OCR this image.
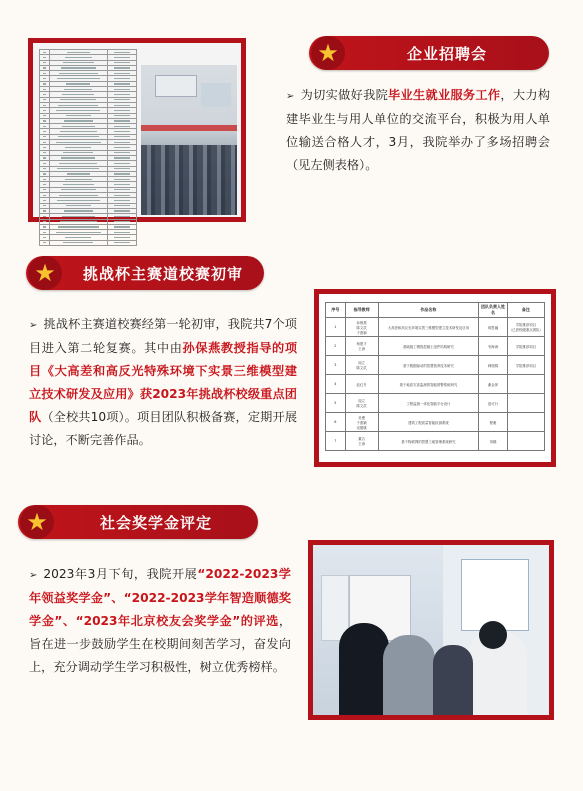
★	企业招聘会
➢ 为切实做好我院毕业生就业服务工作，大力构建毕业生与用人单位的交流平台，积极为用人单位输送合格人才，3月，我院举办了多场招聘会（见左侧表格）。
★	挑战杯主赛道校赛初审
➢ 挑战杯主赛道校赛经第一轮初审，我院共7个项目进入第二轮复赛。其中由孙保燕教授指导的项目《大高差和高反光特殊环境下实景三维模型建立技术研发及应用》获2023年挑战杯校级重点团队（全校共10项）。项目团队积极备赛，定期开展讨论，不断完善作品。
序号	指导教师	作品名称	团队负责人姓名	备注
1	孙保燕
陈文武
于燕颖	大高差和高反光环境实景三维模型建立技术研发及应用	蒋思瀚	学院推荐项目
（已获校级重点团队）
2	杨建才
王涛	基础施工钢管混凝土组件结构研究	韦海涛	学院推荐项目
3	周立
陈文武	基于数据驱动的智慧管养技术研究	韩瑞锦	学院推荐项目
4	赵红冬	基于地质灾害监测的智能预警系统研究	谢金萍	
5	周立
陈文武	工程监测一体化智能平台设计	范可行	
6	吴俊
于燕颖
吴德康	建筑工程质量智能检测系统	程雅	
7	董吉
王涛	基于物联网的智慧工地管理系统研究	刘娜	
★	社会奖学金评定
➢ 2023年3月下旬，我院开展“2022-2023学年领益奖学金”、“2022-2023学年智造顺德奖学金”、“2023年北京校友会奖学金”的评选，旨在进一步鼓励学生在校期间刻苦学习，奋发向上，充分调动学生学习积极性，树立优秀榜样。
